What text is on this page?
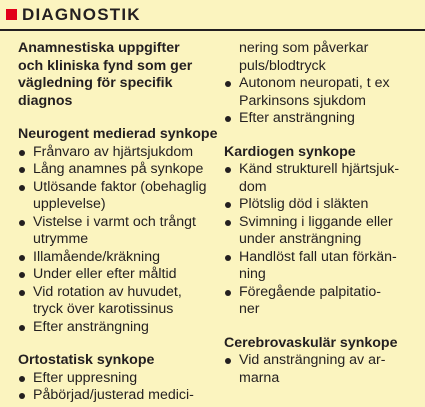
DIAGNOSTIK
Anamnestiska uppgifter
och kliniska fynd som ger
vägledning för specifik
diagnos
Neurogent medierad synkope
Frånvaro av hjärtsjukdom
Lång anamnes på synkope
Utlösande faktor (obehaglig
upplevelse)
Vistelse i varmt och trångt
utrymme
Illamående/kräkning
Under eller efter måltid
Vid rotation av huvudet,
tryck över karotissinus
Efter ansträngning
Ortostatisk synkope
Efter uppresning
Påbörjad/justerad medici-
nering som påverkar
puls/blodtryck
Autonom neuropati, t ex
Parkinsons sjukdom
Efter ansträngning
Kardiogen synkope
Känd strukturell hjärtsjuk-
dom
Plötslig död i släkten
Svimning i liggande eller
under ansträngning
Handlöst fall utan förkän-
ning
Föregående palpitatio-
ner
Cerebrovaskulär synkope
Vid ansträngning av ar-
marna
